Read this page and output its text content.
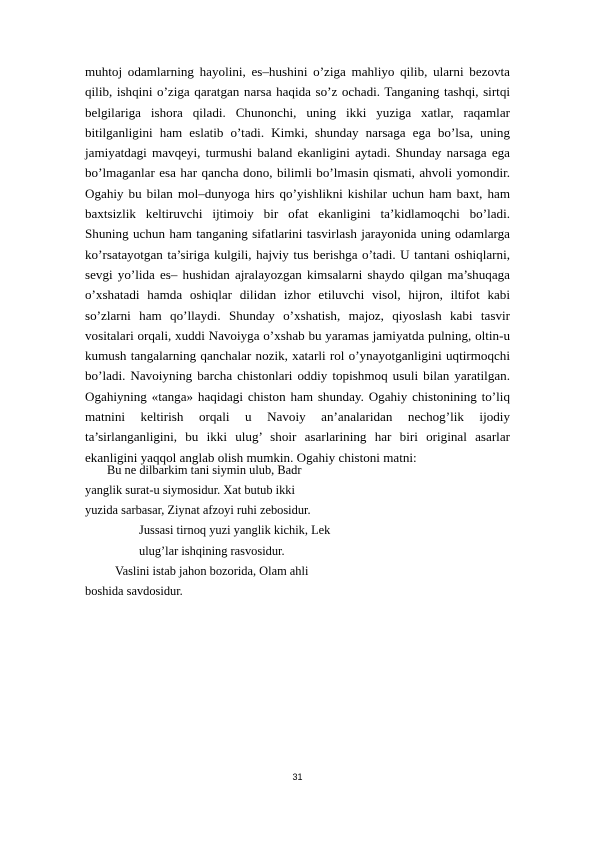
muhtoj odamlarning hayolini, es–hushini o’ziga mahliyo qilib, ularni bezovta qilib, ishqini o’ziga qaratgan narsa haqida so’z ochadi. Tanganing tashqi, sirtqi belgilariga ishora qiladi. Chunonchi, uning ikki yuziga xatlar, raqamlar bitilganligini ham eslatib o’tadi. Kimki, shunday narsaga ega bo’lsa, uning jamiyatdagi mavqeyi, turmushi baland ekanligini aytadi. Shunday narsaga ega bo’lmaganlar esa har qancha dono, bilimli bo’lmasin qismati, ahvoli yomondir. Ogahiy bu bilan mol–dunyoga hirs qo’yishlikni kishilar uchun ham baxt, ham baxtsizlik keltiruvchi ijtimoiy bir ofat ekanligini ta’kidlamoqchi bo’ladi. Shuning uchun ham tanganing sifatlarini tasvirlash jarayonida uning odamlarga ko’rsatayotgan ta’siriga kulgili, hajviy tus berishga o’tadi. U tantani oshiqlarni, sevgi yo’lida es– hushidan ajralayozgan kimsalarni shaydo qilgan ma’shuqaga o’xshatadi hamda oshiqlar dilidan izhor etiluvchi visol, hijron, iltifot kabi so’zlarni ham qo’llaydi. Shunday o’xshatish, majoz, qiyoslash kabi tasvir vositalari orqali, xuddi Navoiyga o’xshab bu yaramas jamiyatda pulning, oltin-u kumush tangalarning qanchalar nozik, xatarli rol o’ynayotganligini uqtirmoqchi bo’ladi. Navoiyning barcha chistonlari oddiy topishmoq usuli bilan yaratilgan. Ogahiyning «tanga» haqidagi chiston ham shunday. Ogahiy chistonining to’liq matnini keltirish orqali u Navoiy an’analaridan nechog’lik ijodiy ta’sirlanganligini, bu ikki ulug’ shoir asarlarining har biri original asarlar ekanligini yaqqol anglab olish mumkin. Ogahiy chistoni matni:

Bu ne dilbarkim tani siymin ulub, Badr
yanglik surat-u siymosidur. Xat butub ikki
yuzida sarbasar, Ziynat afzoyi ruhi zebosidur.
Jussasi tirnoq yuzi yanglik kichik, Lek
ulug’lar ishqining rasvosidur.
Vaslini istab jahon bozorida, Olam ahli
boshida savdosidur.
31
